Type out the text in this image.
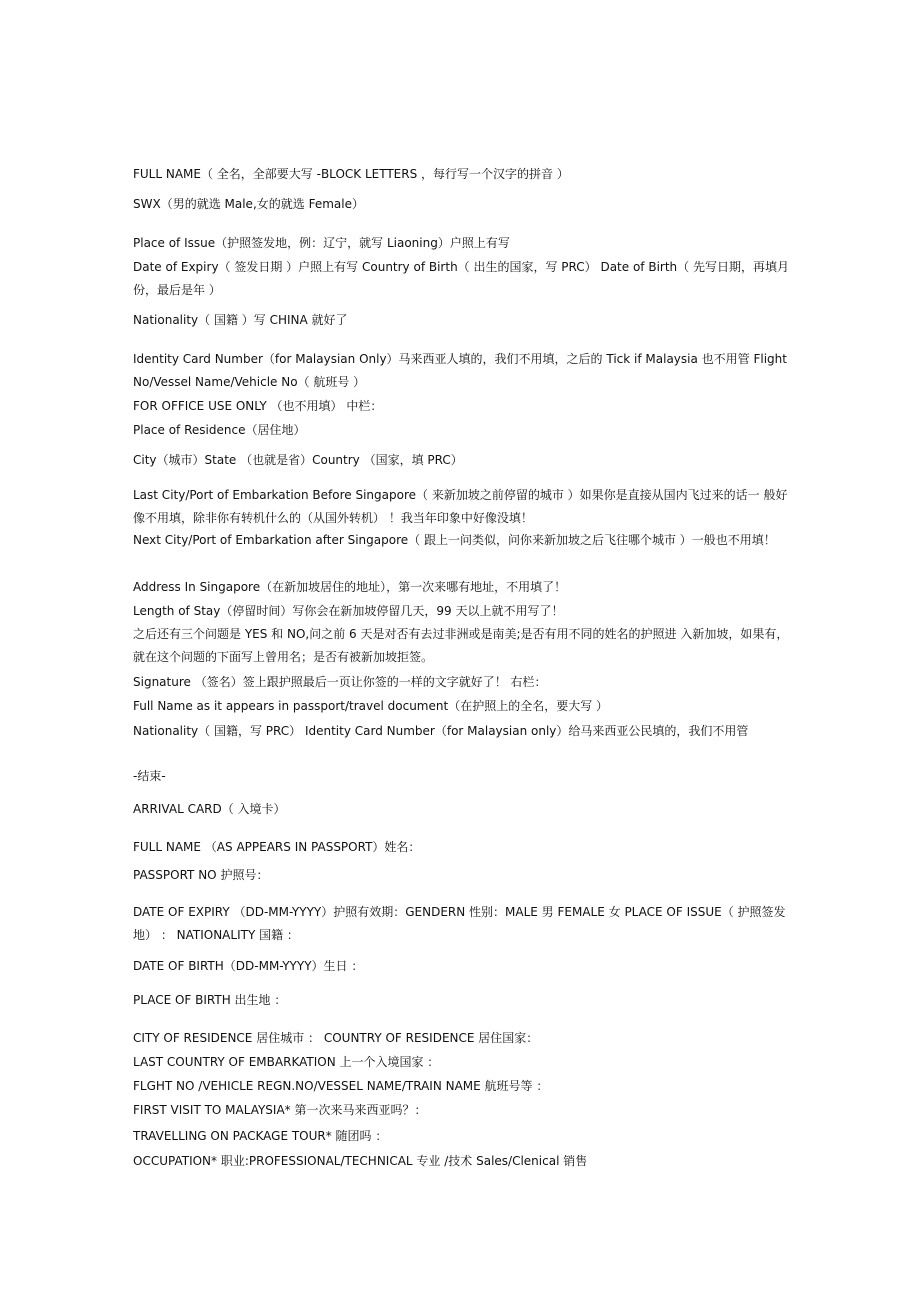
FULL NAME（ 全名，全部要大写 -BLOCK LETTERS ，每行写一个汉字的拼音 ）
SWX（男的就选 Male,女的就选 Female）
Place of Issue（护照签发地，例：辽宁，就写 Liaoning）户照上有写
Date of Expiry（ 签发日期 ）户照上有写 Country of Birth（ 出生的国家，写 PRC） Date of Birth（ 先写日期，再填月份，最后是年 ）
Nationality（ 国籍 ）写 CHINA 就好了
Identity Card Number（for Malaysian Only）马来西亚人填的，我们不用填，之后的 Tick if Malaysia 也不用管 Flight No/Vessel Name/Vehicle No（ 航班号 ）
FOR OFFICE USE ONLY （也不用填） 中栏：
Place of Residence（居住地）
City（城市）State （也就是省）Country （国家，填 PRC）
Last City/Port of Embarkation Before Singapore（ 来新加坡之前停留的城市 ）如果你是直接从国内飞过来的话一 般好像不用填，除非你有转机什么的（从国外转机） ！我当年印象中好像没填！
Next City/Port of Embarkation after Singapore（ 跟上一问类似，问你来新加坡之后飞往哪个城市 ）一般也不用填！
Address In Singapore（在新加坡居住的地址），第一次来哪有地址，不用填了！
Length of Stay（停留时间）写你会在新加坡停留几天，99 天以上就不用写了！
之后还有三个问题是 YES 和 NO,问之前 6 天是对否有去过非洲或是南美;是否有用不同的姓名的护照进 入新加坡，如果有，就在这个问题的下面写上曾用名；是否有被新加坡拒签。
Signature （签名）签上跟护照最后一页让你签的一样的文字就好了！ 右栏：
Full Name as it appears in passport/travel document（在护照上的全名，要大写 ）
Nationality（ 国籍，写 PRC） Identity Card Number（for Malaysian only）给马来西亚公民填的，我们不用管
-结束-
ARRIVAL CARD（ 入境卡）
FULL NAME （AS APPEARS IN PASSPORT）姓名：
PASSPORT NO 护照号：
DATE OF EXPIRY （DD-MM-YYYY）护照有效期：GENDERN 性别：MALE 男 FEMALE 女 PLACE OF ISSUE（ 护照签发地） ： NATIONALITY 国籍 ：
DATE OF BIRTH（DD-MM-YYYY）生日 ：
PLACE OF BIRTH 出生地 ：
CITY OF RESIDENCE 居住城市 ： COUNTRY OF RESIDENCE 居住国家：
LAST COUNTRY OF EMBARKATION 上一个入境国家 ：
FLGHT NO /VEHICLE REGN.NO/VESSEL NAME/TRAIN NAME 航班号等 ：
FIRST VISIT TO MALAYSIA* 第一次来马来西亚吗？：
TRAVELLING ON PACKAGE TOUR* 随团吗 ：
OCCUPATION* 职业:PROFESSIONAL/TECHNICAL 专业 /技术 Sales/Clenical 销售
